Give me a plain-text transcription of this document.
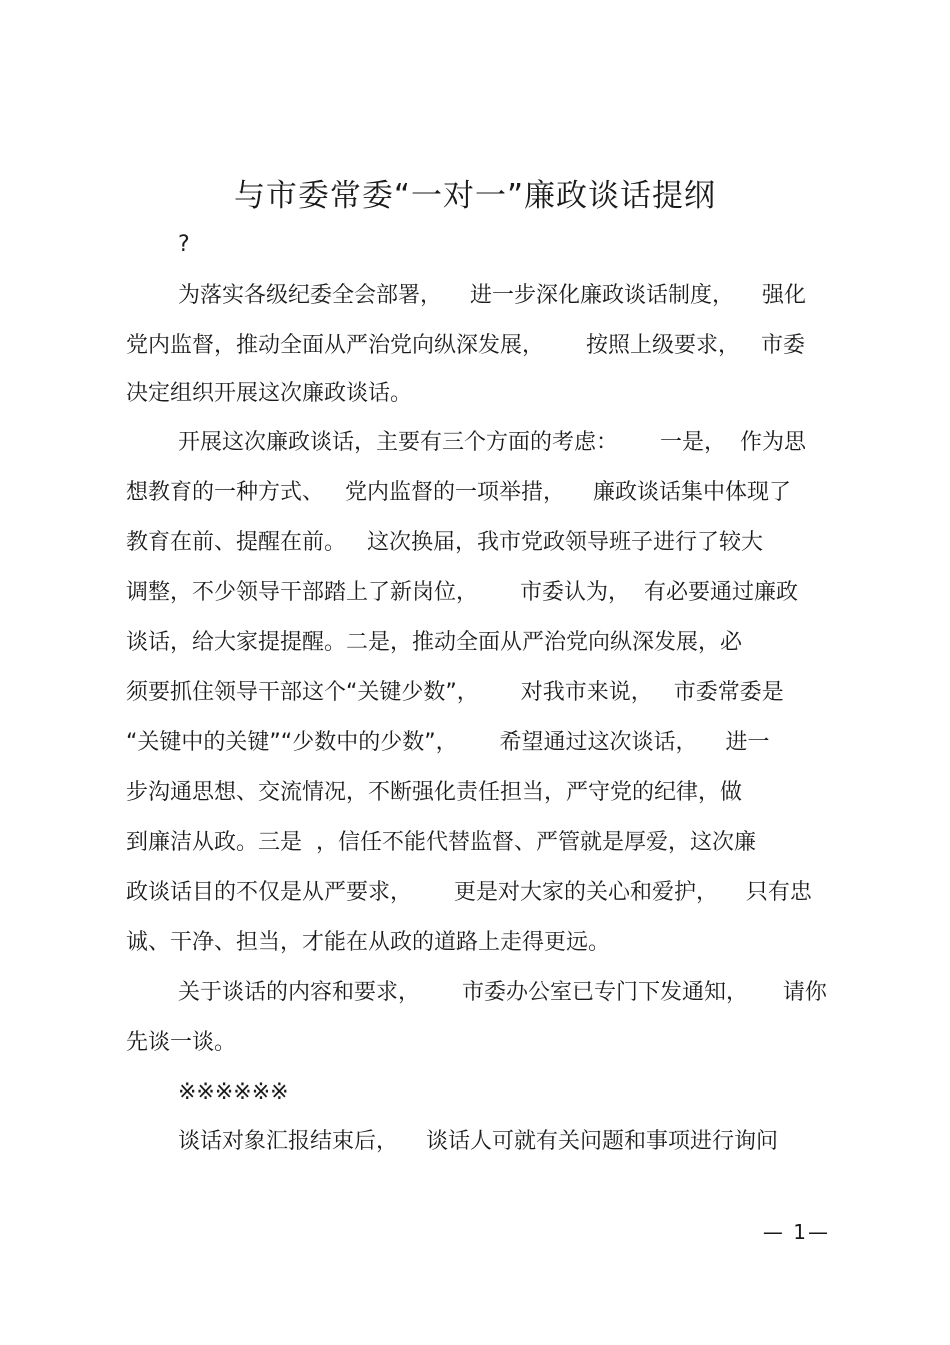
与市委常委“一对一”廉政谈话提纲
?
为落实各级纪委全会部署，    进一步深化廉政谈话制度，    强化
党内监督，推动全面从严治党向纵深发展，      按照上级要求，   市委
决定组织开展这次廉政谈话。
开展这次廉政谈话，主要有三个方面的考虑：      一是，  作为思
想教育的一种方式、   党内监督的一项举措，    廉政谈话集中体现了
教育在前、提醒在前。   这次换届，我市党政领导班子进行了较大
调整，不少领导干部踏上了新岗位，      市委认为，  有必要通过廉政
谈话，给大家提提醒。二是，推动全面从严治党向纵深发展，必
须要抓住领导干部这个“关键少数”，      对我市来说，   市委常委是
“关键中的关键”“少数中的少数”，      希望通过这次谈话，    进一
步沟通思想、交流情况，不断强化责任担当，严守党的纪律，做
到廉洁从政。三是  ，信任不能代替监督、严管就是厚爱，这次廉
政谈话目的不仅是从严要求，      更是对大家的关心和爱护，    只有忠
诚、干净、担当，才能在从政的道路上走得更远。
关于谈话的内容和要求，      市委办公室已专门下发通知，     请你
先谈一谈。
※※※※※※
谈话对象汇报结束后，    谈话人可就有关问题和事项进行询问
— 1—
